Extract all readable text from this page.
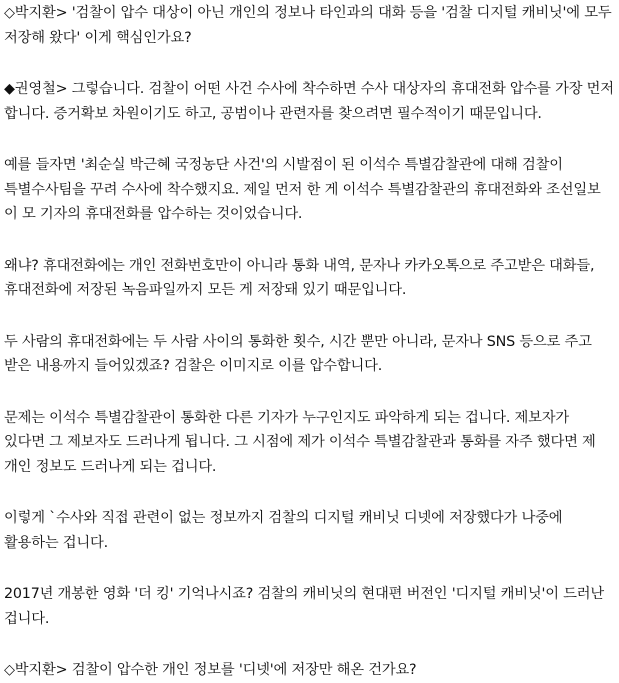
◇박지환> '검찰이 압수 대상이 아닌 개인의 정보나 타인과의 대화 등을 '검찰 디지털 캐비닛'에 모두 저장해 왔다' 이게 핵심인가요?

◆권영철> 그렇습니다. 검찰이 어떤 사건 수사에 착수하면 수사 대상자의 휴대전화 압수를 가장 먼저 합니다. 증거확보 차원이기도 하고, 공범이나 관련자를 찾으려면 필수적이기 때문입니다.

예를 들자면 '최순실 박근혜 국정농단 사건'의 시발점이 된 이석수 특별감찰관에 대해 검찰이 특별수사팀을 꾸려 수사에 착수했지요. 제일 먼저 한 게 이석수 특별감찰관의 휴대전화와 조선일보 이 모 기자의 휴대전화를 압수하는 것이었습니다.

왜냐? 휴대전화에는 개인 전화번호만이 아니라 통화 내역, 문자나 카카오톡으로 주고받은 대화들, 휴대전화에 저장된 녹음파일까지 모든 게 저장돼 있기 때문입니다.

두 사람의 휴대전화에는 두 사람 사이의 통화한 횟수, 시간 뿐만 아니라, 문자나 SNS 등으로 주고 받은 내용까지 들어있겠죠? 검찰은 이미지로 이를 압수합니다.

문제는 이석수 특별감찰관이 통화한 다른 기자가 누구인지도 파악하게 되는 겁니다. 제보자가 있다면 그 제보자도 드러나게 됩니다. 그 시점에 제가 이석수 특별감찰관과 통화를 자주 했다면 제 개인 정보도 드러나게 되는 겁니다.

이렇게 `수사와 직접 관련이 없는 정보까지 검찰의 디지털 캐비닛 디넷에 저장했다가 나중에 활용하는 겁니다.

2017년 개봉한 영화 '더 킹' 기억나시죠? 검찰의 캐비닛의 현대편 버전인 '디지털 캐비닛'이 드러난 겁니다.

◇박지환> 검찰이 압수한 개인 정보를 '디넷'에 저장만 해온 건가요?
